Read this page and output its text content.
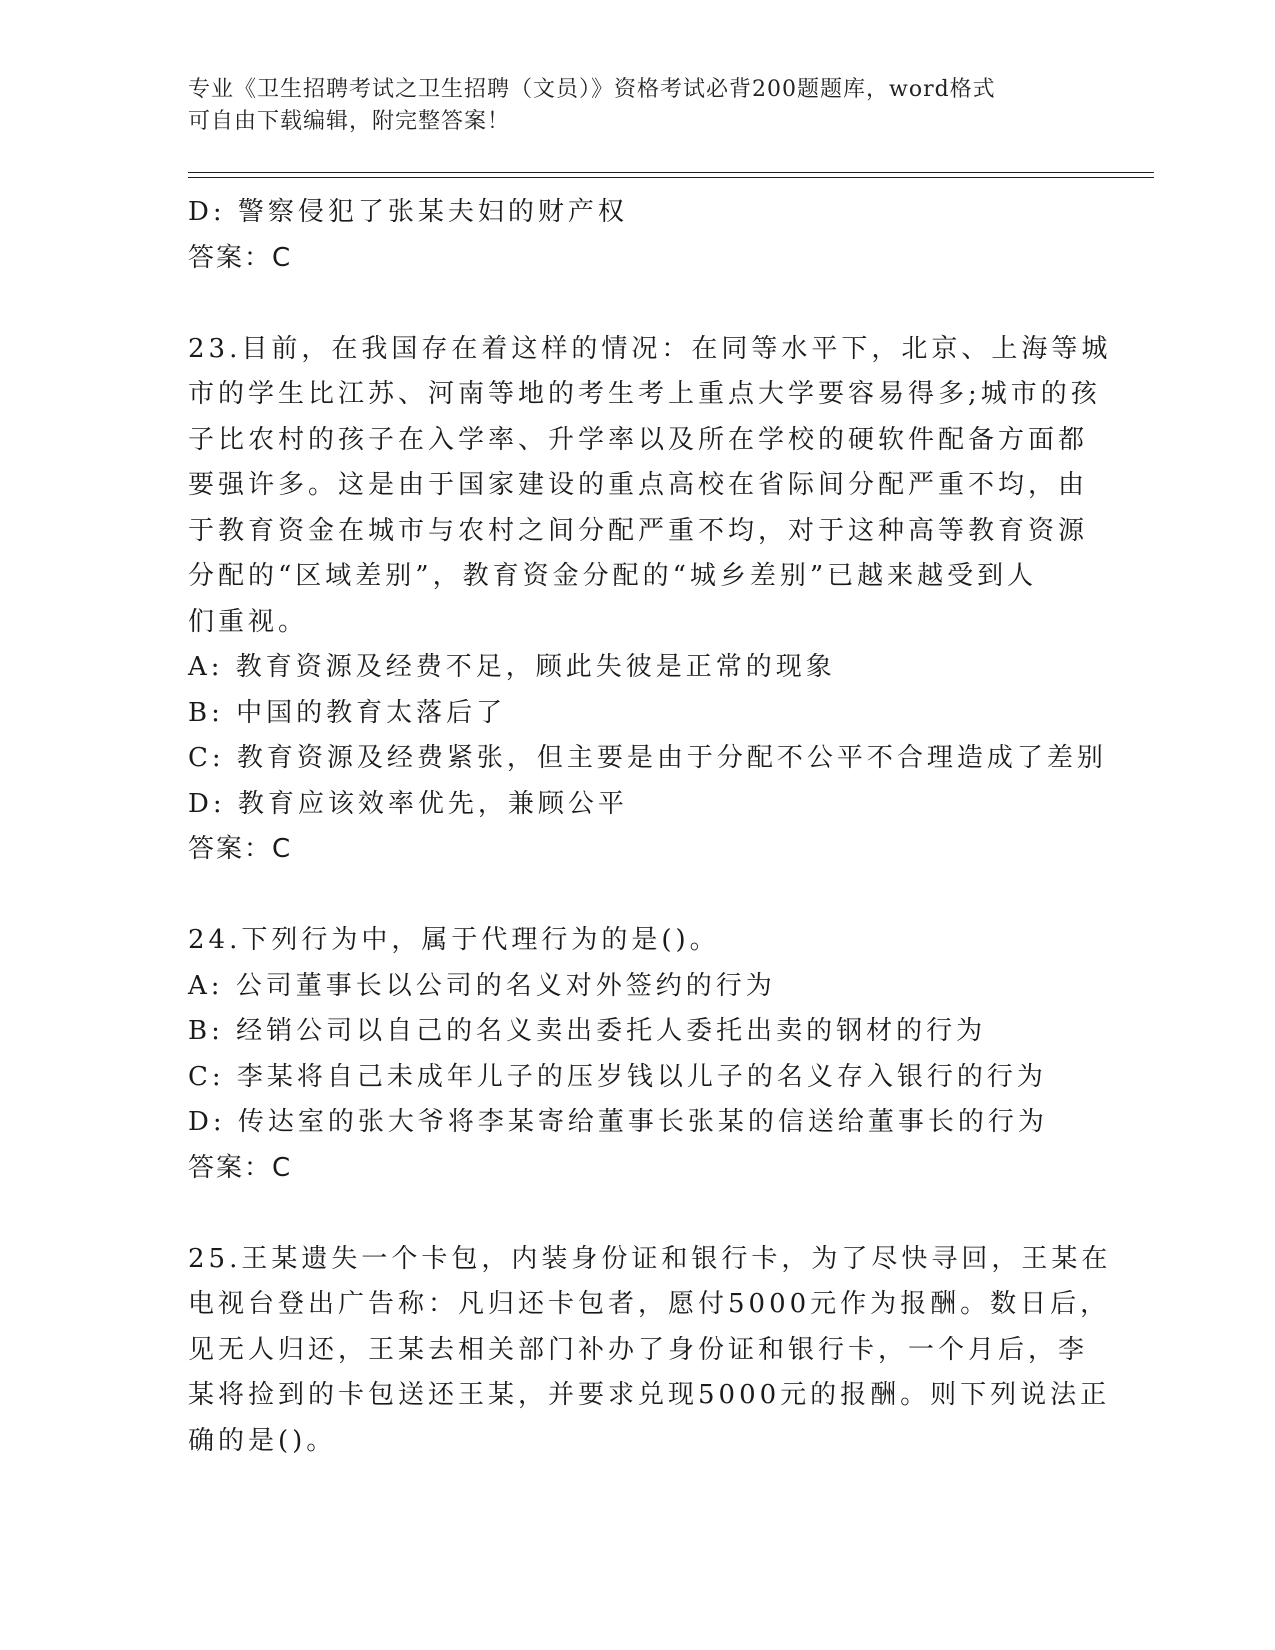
专业《卫生招聘考试之卫生招聘（文员）》资格考试必背200题题库，word格式
可自由下载编辑，附完整答案！
D: 警察侵犯了张某夫妇的财产权
答案：C
23.目前，在我国存在着这样的情况：在同等水平下，北京、上海等城
市的学生比江苏、河南等地的考生考上重点大学要容易得多;城市的孩
子比农村的孩子在入学率、升学率以及所在学校的硬软件配备方面都
要强许多。这是由于国家建设的重点高校在省际间分配严重不均，由
于教育资金在城市与农村之间分配严重不均，对于这种高等教育资源
分配的“区域差别”，教育资金分配的“城乡差别”已越来越受到人
们重视。
A: 教育资源及经费不足，顾此失彼是正常的现象
B: 中国的教育太落后了
C: 教育资源及经费紧张，但主要是由于分配不公平不合理造成了差别
D: 教育应该效率优先，兼顾公平
答案：C
24.下列行为中，属于代理行为的是()。
A: 公司董事长以公司的名义对外签约的行为
B: 经销公司以自己的名义卖出委托人委托出卖的钢材的行为
C: 李某将自己未成年儿子的压岁钱以儿子的名义存入银行的行为
D: 传达室的张大爷将李某寄给董事长张某的信送给董事长的行为
答案：C
25.王某遗失一个卡包，内装身份证和银行卡，为了尽快寻回，王某在
电视台登出广告称：凡归还卡包者，愿付5000元作为报酬。数日后，
见无人归还，王某去相关部门补办了身份证和银行卡，一个月后，李
某将捡到的卡包送还王某，并要求兑现5000元的报酬。则下列说法正
确的是()。
